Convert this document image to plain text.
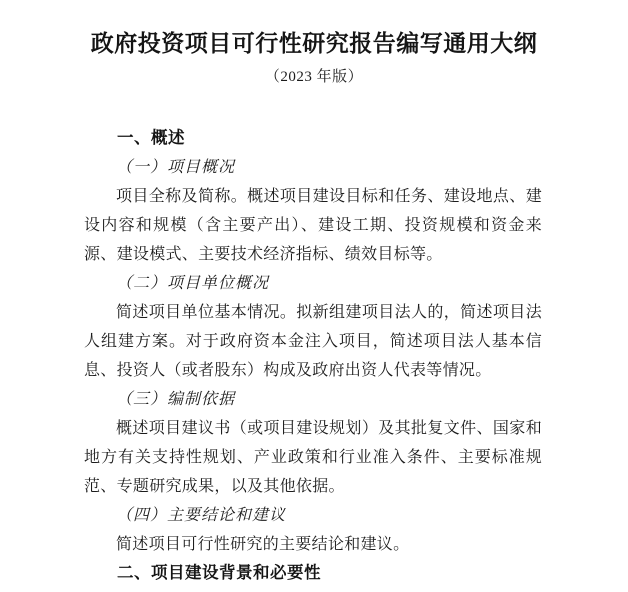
政府投资项目可行性研究报告编写通用大纲
（2023 年版）
一、概述
（一）项目概况

项目全称及简称。概述项目建设目标和任务、建设地点、建设内容和规模（含主要产出）、建设工期、投资规模和资金来源、建设模式、主要技术经济指标、绩效目标等。

（二）项目单位概况

简述项目单位基本情况。拟新组建项目法人的，简述项目法人组建方案。对于政府资本金注入项目，简述项目法人基本信息、投资人（或者股东）构成及政府出资人代表等情况。

（三）编制依据

概述项目建议书（或项目建设规划）及其批复文件、国家和地方有关支持性规划、产业政策和行业准入条件、主要标准规范、专题研究成果，以及其他依据。

（四）主要结论和建议

简述项目可行性研究的主要结论和建议。

二、项目建设背景和必要性
